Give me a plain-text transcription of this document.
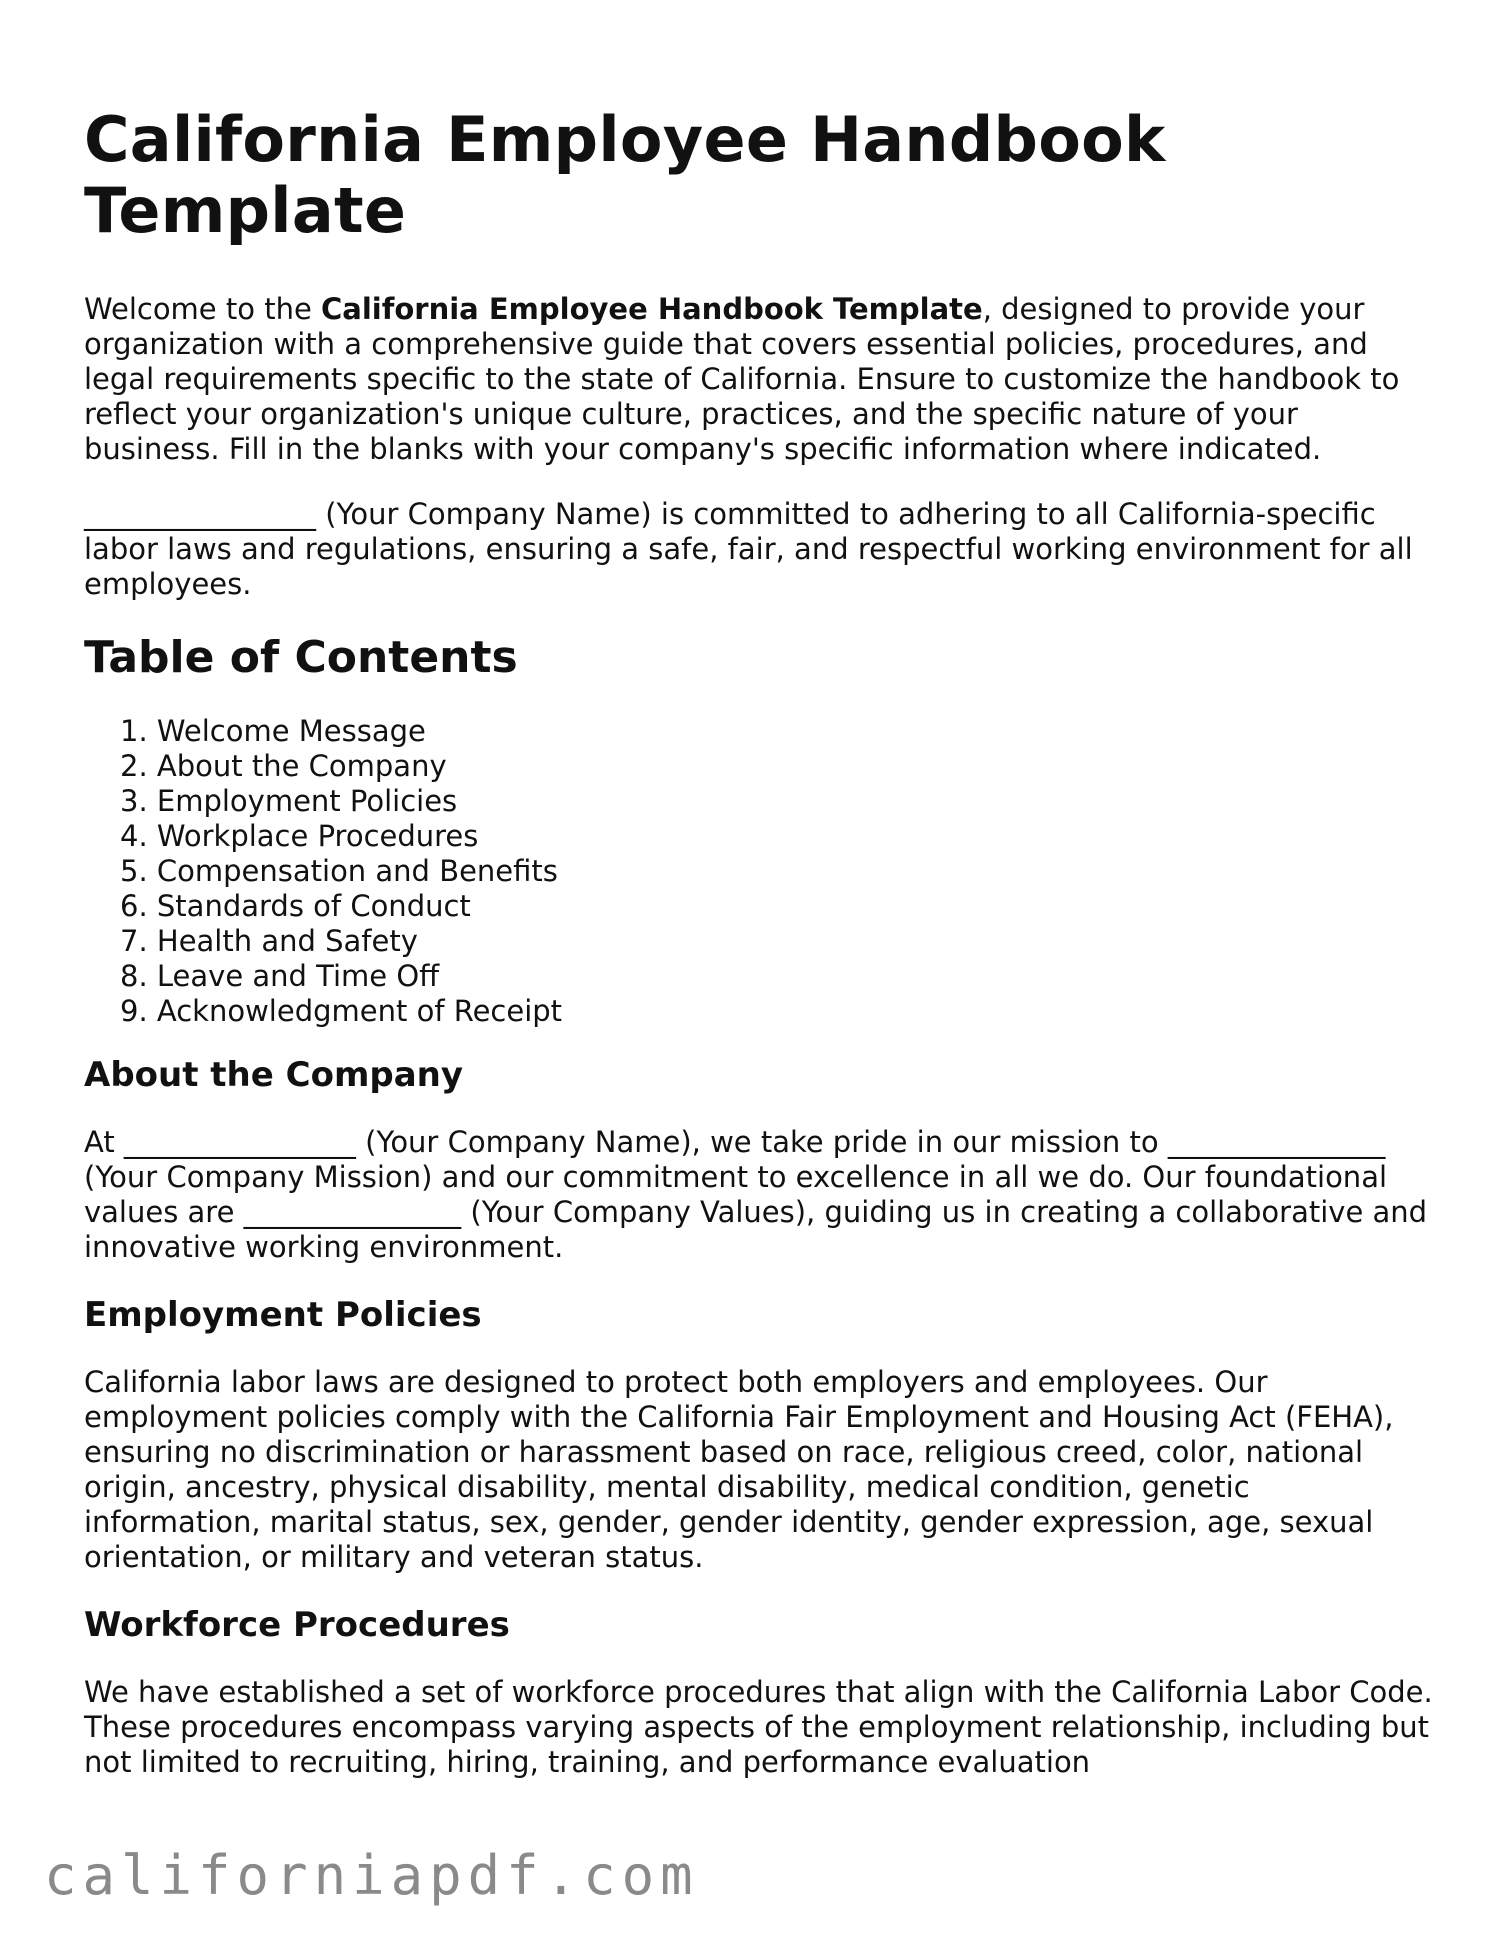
California Employee Handbook Template

Welcome to the California Employee Handbook Template, designed to provide your organization with a comprehensive guide that covers essential policies, procedures, and legal requirements specific to the state of California. Ensure to customize the handbook to reflect your organization's unique culture, practices, and the specific nature of your business. Fill in the blanks with your company's specific information where indicated.

________________ (Your Company Name) is committed to adhering to all California-specific labor laws and regulations, ensuring a safe, fair, and respectful working environment for all employees.

Table of Contents
1. Welcome Message
2. About the Company
3. Employment Policies
4. Workplace Procedures
5. Compensation and Benefits
6. Standards of Conduct
7. Health and Safety
8. Leave and Time Off
9. Acknowledgment of Receipt
About the Company

At ________________ (Your Company Name), we take pride in our mission to _______________ (Your Company Mission) and our commitment to excellence in all we do. Our foundational values are _______________ (Your Company Values), guiding us in creating a collaborative and innovative working environment.

Employment Policies

California labor laws are designed to protect both employers and employees. Our employment policies comply with the California Fair Employment and Housing Act (FEHA), ensuring no discrimination or harassment based on race, religious creed, color, national origin, ancestry, physical disability, mental disability, medical condition, genetic information, marital status, sex, gender, gender identity, gender expression, age, sexual orientation, or military and veteran status.

Workforce Procedures

We have established a set of workforce procedures that align with the California Labor Code. These procedures encompass varying aspects of the employment relationship, including but not limited to recruiting, hiring, training, and performance evaluation

californiapdf.com
